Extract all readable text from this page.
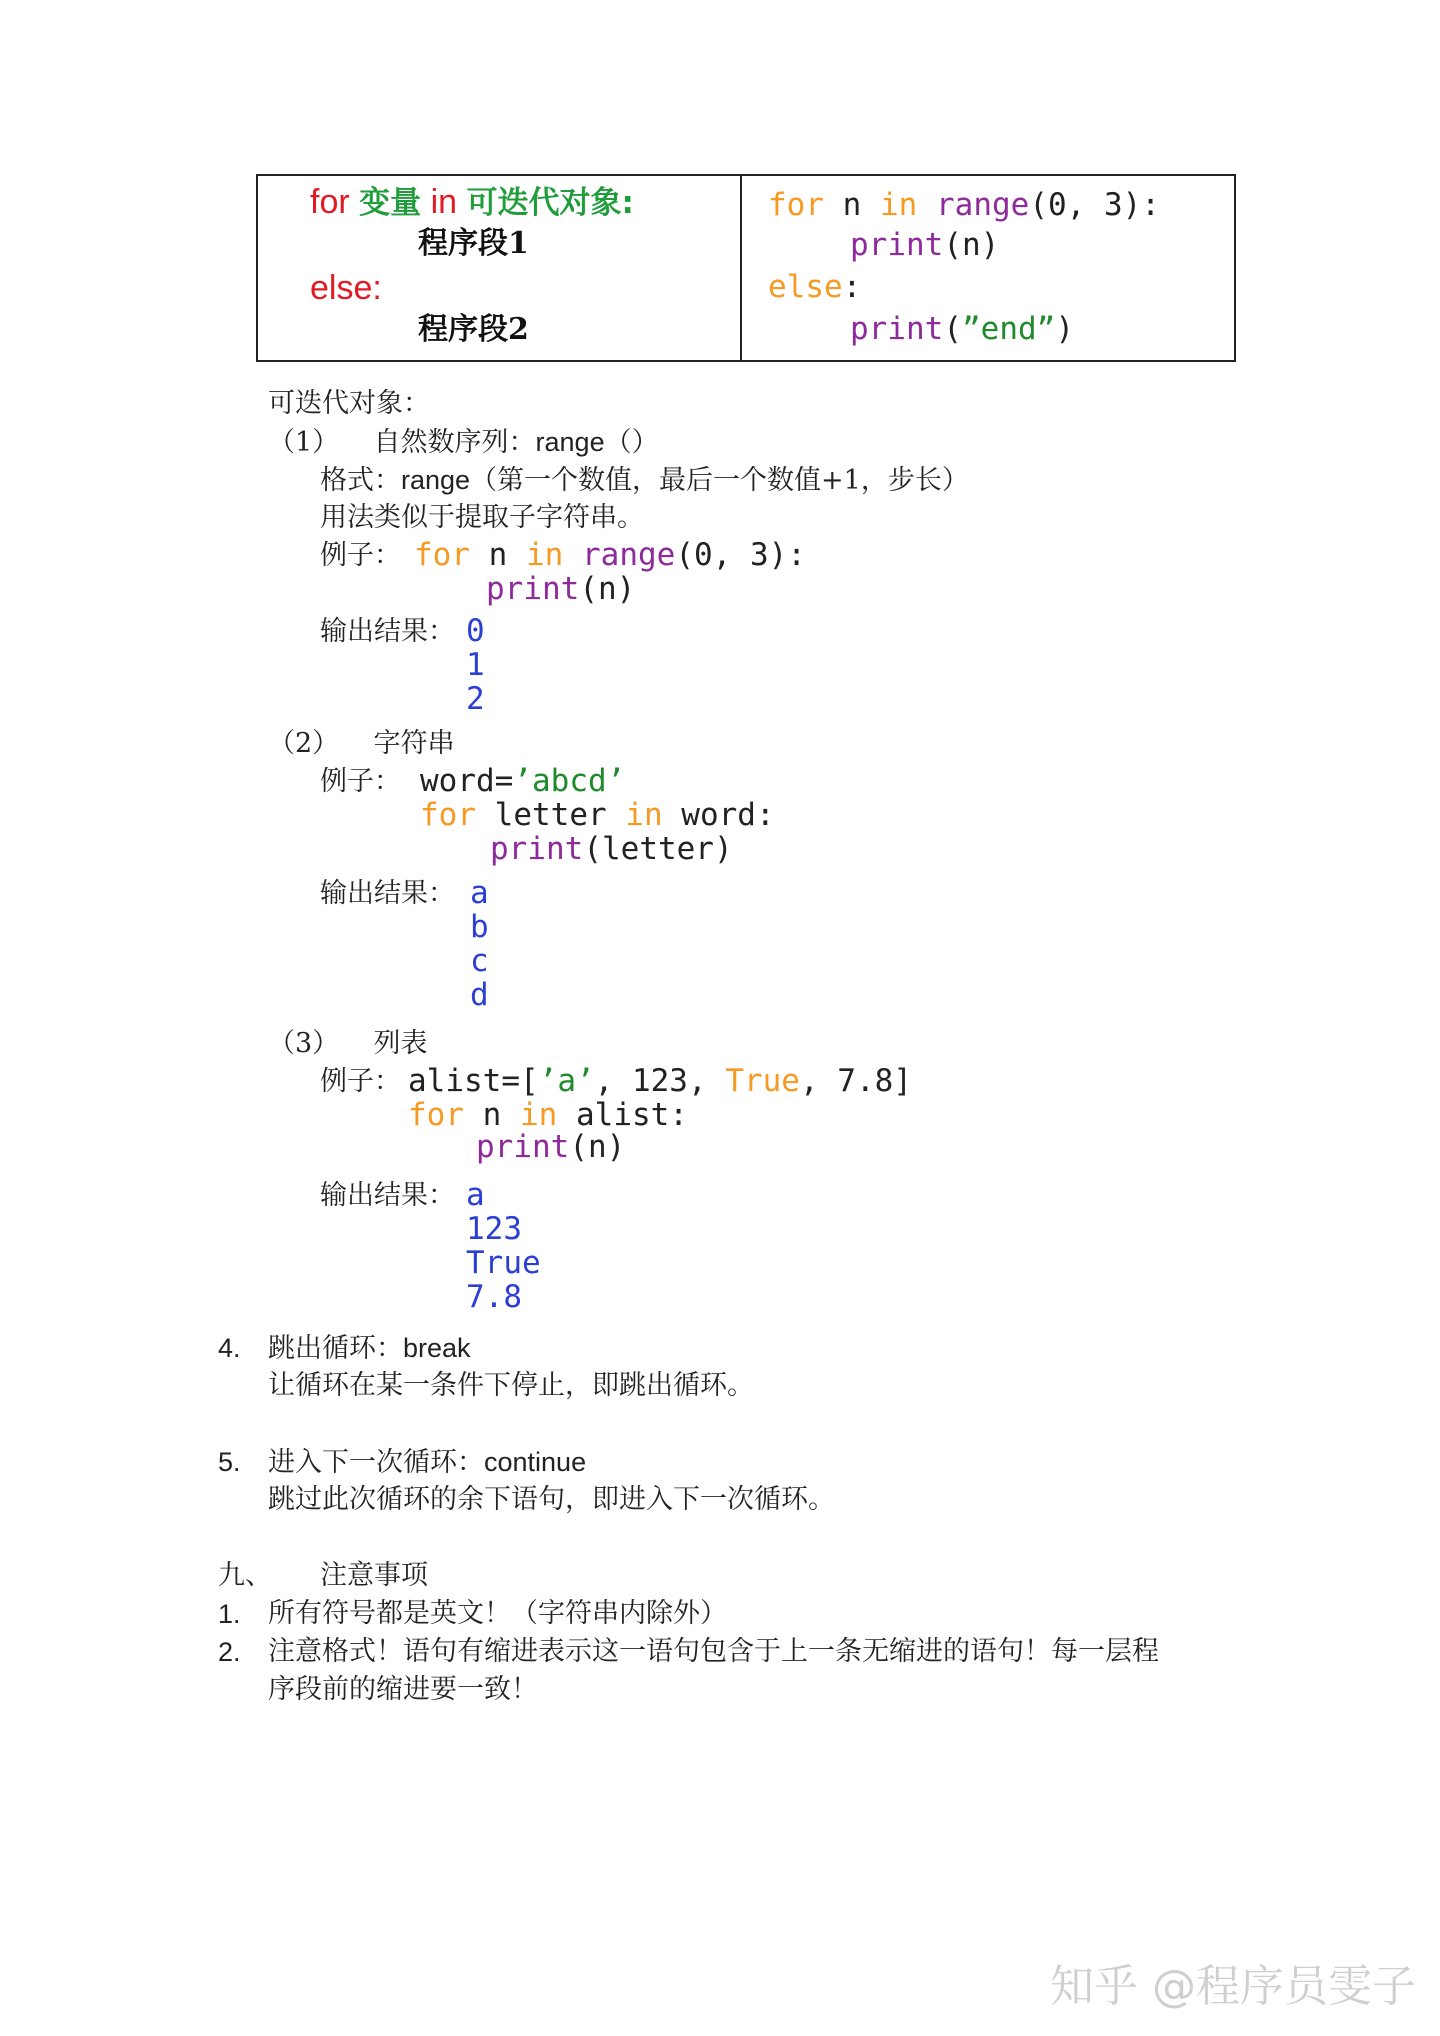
for 变量 in 可迭代对象:
程序段1
else:
程序段2
for n in range(0, 3):
print(n)
else:
print(”end”)
可迭代对象：
（1） 自然数序列：range（）
格式：range（第一个数值，最后一个数值+1，步长）
用法类似于提取子字符串。
例子： for n in range(0, 3):
print(n)
输出结果： 0
1
2
（2） 字符串
例子： word=’abcd’
for letter in word:
print(letter)
输出结果： a
b
c
d
（3） 列表
例子： alist=[’a’, 123, True, 7.8]
for n in alist:
print(n)
输出结果： a
123
True
7.8
4. 跳出循环：break
让循环在某一条件下停止，即跳出循环。
5. 进入下一次循环：continue
跳过此次循环的余下语句，即进入下一次循环。
九、 注意事项
1. 所有符号都是英文！（字符串内除外）
2. 注意格式！语句有缩进表示这一语句包含于上一条无缩进的语句！每一层程
序段前的缩进要一致！
知乎 @程序员雯子
